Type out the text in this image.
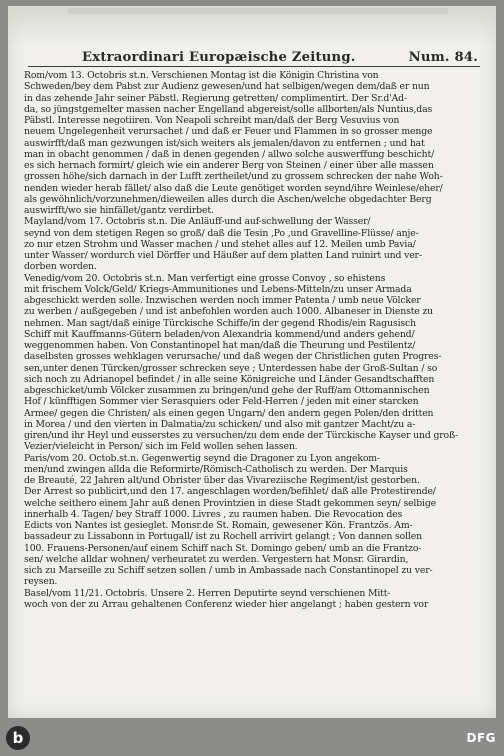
Extraordinari Europæische Zeitung.	Num. 84.
Rom/vom 13. Octobris st.n. Verschienen Montag ist die Königin Christina von
Schweden/bey dem Pabst zur Audienz gewesen/und hat selbigen/wegen dem/daß er nun
in das zehende Jahr seiner Päbstl. Regierung getretten/ complimentirt. Der Sr.d'Ad-
da, so jüngstgemelter massen nacher Engelland abgereist/solle allborten/als Nuntius,das
Päbstl. Interesse negotiiren. Von Neapoli schreibt man/daß der Berg Vesuvius von
neuem Ungelegenheit verursachet / und daß er Feuer und Flammen in so grosser menge
auswirfft/daß man gezwungen ist/sich weiters als jemalen/davon zu entfernen ; und hat
man in obacht genommen / daß in denen gegenden / allwo solche auswerffung beschicht/
es sich hernach formirt/ gleich wie ein anderer Berg von Steinen / einer über alle massen
grossen höhe/sich darnach in der Lufft zertheilet/und zu grossem schrecken der nahe Woh-
nenden wieder herab fället/ also daß die Leute genötiget worden seynd/ihre Weinlese/eher/
als gewöhnlich/vorzunehmen/dieweilen alles durch die Aschen/welche obgedachter Berg
auswirfft/wo sie hinfället/gantz verdirbet.
Mayland/vom 17. Octobris st.n. Die Anläuff-und auf-schwellung der Wasser/
seynd von dem stetigen Regen so groß/ daß die Tesin ,Po ,und Gravelline-Flüsse/ anje-
zo nur etzen Strohm und Wasser machen / und stehet alles auf 12. Meilen umb Pavia/
unter Wasser/ wordurch viel Dörffer und Häußer auf dem platten Land ruinirt und ver-
dorben worden.
Venedig/vom 20. Octobris st.n. Man verfertigt eine grosse Convoy , so ehistens
mit frischem Volck/Geld/ Kriegs-Ammunitiones und Lebens-Mitteln/zu unser Armada
abgeschickt werden solle. Inzwischen werden noch immer Patenta / umb neue Völcker
zu werben / außgegeben / und ist anbefohlen worden auch 1000. Albaneser in Dienste zu
nehmen. Man sagt/daß einige Türckische Schiffe/in der gegend Rhodis/ein Ragusisch
Schiff mit Kauffmanns-Gütern beladen/von Alexandria kommend/und anders gehend/
weggenommen haben. Von Constantinopel hat man/daß die Theurung und Pestilentz/
daselbsten grosses wehklagen verursache/ und daß wegen der Christlichen guten Progres-
sen,unter denen Türcken/grosser schrecken seye ; Unterdessen habe der Groß-Sultan / so
sich noch zu Adrianopel befindet / in alle seine Königreiche und Länder Gesandtschafften
abgeschicket/umb Völcker zusammen zu bringen/und gehe der Ruff/am Ottomannischen
Hof / künfftigen Sommer vier Serasquiers oder Feld-Herren / jeden mit einer starcken
Armee/ gegen die Christen/ als einen gegen Ungarn/ den andern gegen Polen/den dritten
in Morea / und den vierten in Dalmatia/zu schicken/ und also mit gantzer Macht/zu a-
giren/und ihr Heyl und eusserstes zu versuchen/zu dem ende der Türckische Kayser und groß-
Vezier/vieleicht in Person/ sich im Feld wollen sehen lassen.
Paris/vom 20. Octob.st.n. Gegenwertig seynd die Dragoner zu Lyon angekom-
men/und zwingen allda die Reformirte/Römisch-Catholisch zu werden. Der Marquis
de Breauté, 22 Jahren alt/und Obrister über das Vivareziische Regiment/ist gestorben.
Der Arrest so publicirt,und den 17. angeschlagen worden/befihlet/ daß alle Protestirende/
welche seithero einem Jahr auß denen Provintzien in diese Stadt gekommen seyn/ selbige
innerhalb 4. Tagen/ bey Straff 1000. Livres , zu raumen haben. Die Revocation des
Edicts von Nantes ist gesieglet. Monsr.de St. Romain, gewesener Kön. Frantzös. Am-
bassadeur zu Lissabonn in Portugall/ ist zu Rochell arrivirt gelangt ; Von dannen sollen
100. Frauens-Personen/auf einem Schiff nach St. Domingo geben/ umb an die Frantzo-
sen/ welche alldar wohnen/ verheuratet zu werden. Vergestern hat Monsr. Girardin,
sich zu Marseille zu Schiff setzen sollen / umb in Ambassade nach Constantinopel zu ver-
reysen.
Basel/vom 11/21. Octobris. Unsere 2. Herren Deputirte seynd verschienen Mitt-
woch von der zu Arrau gehaltenen Conferenz wieder hier angelangt ; haben gestern vor
b	DFG
